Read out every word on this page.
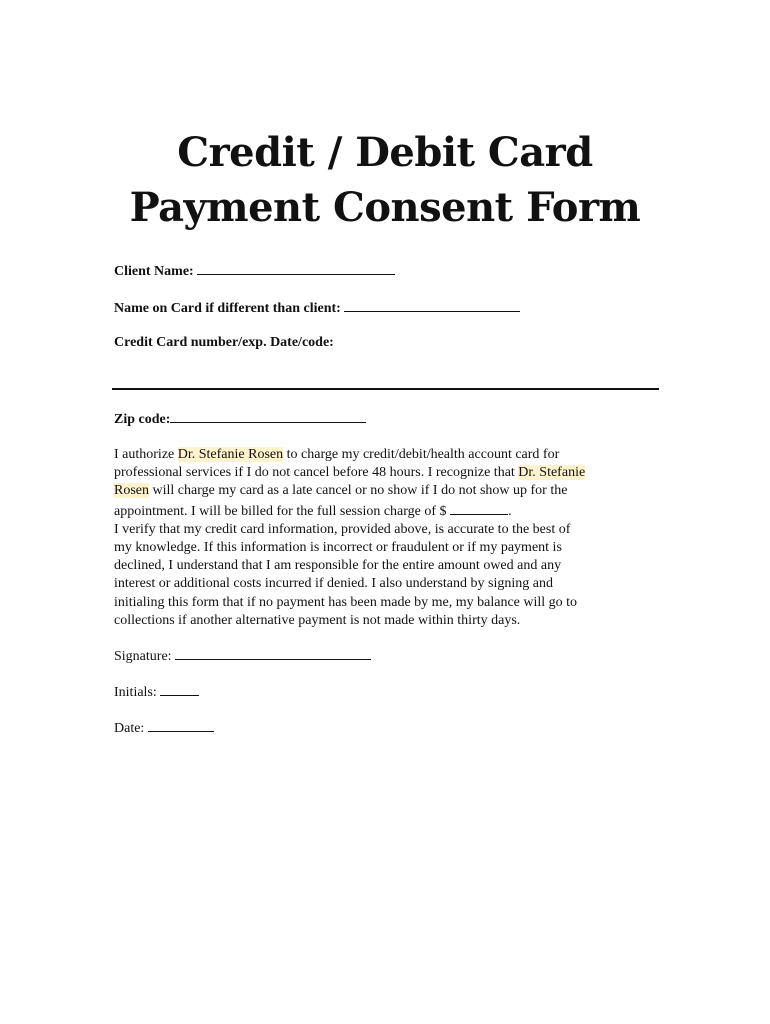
Credit / Debit Card
Payment Consent Form
Client Name:
Name on Card if different than client:
Credit Card number/exp. Date/code:
Zip code:

I authorize Dr. Stefanie Rosen to charge my credit/debit/health account card for
professional services if I do not cancel before 48 hours. I recognize that Dr. Stefanie
Rosen will charge my card as a late cancel or no show if I do not show up for the
appointment. I will be billed for the full session charge of $	.
I verify that my credit card information, provided above, is accurate to the best of
my knowledge. If this information is incorrect or fraudulent or if my payment is
declined, I understand that I am responsible for the entire amount owed and any
interest or additional costs incurred if denied. I also understand by signing and
initialing this form that if no payment has been made by me, my balance will go to
collections if another alternative payment is not made within thirty days.

Signature:
Initials:
Date:
